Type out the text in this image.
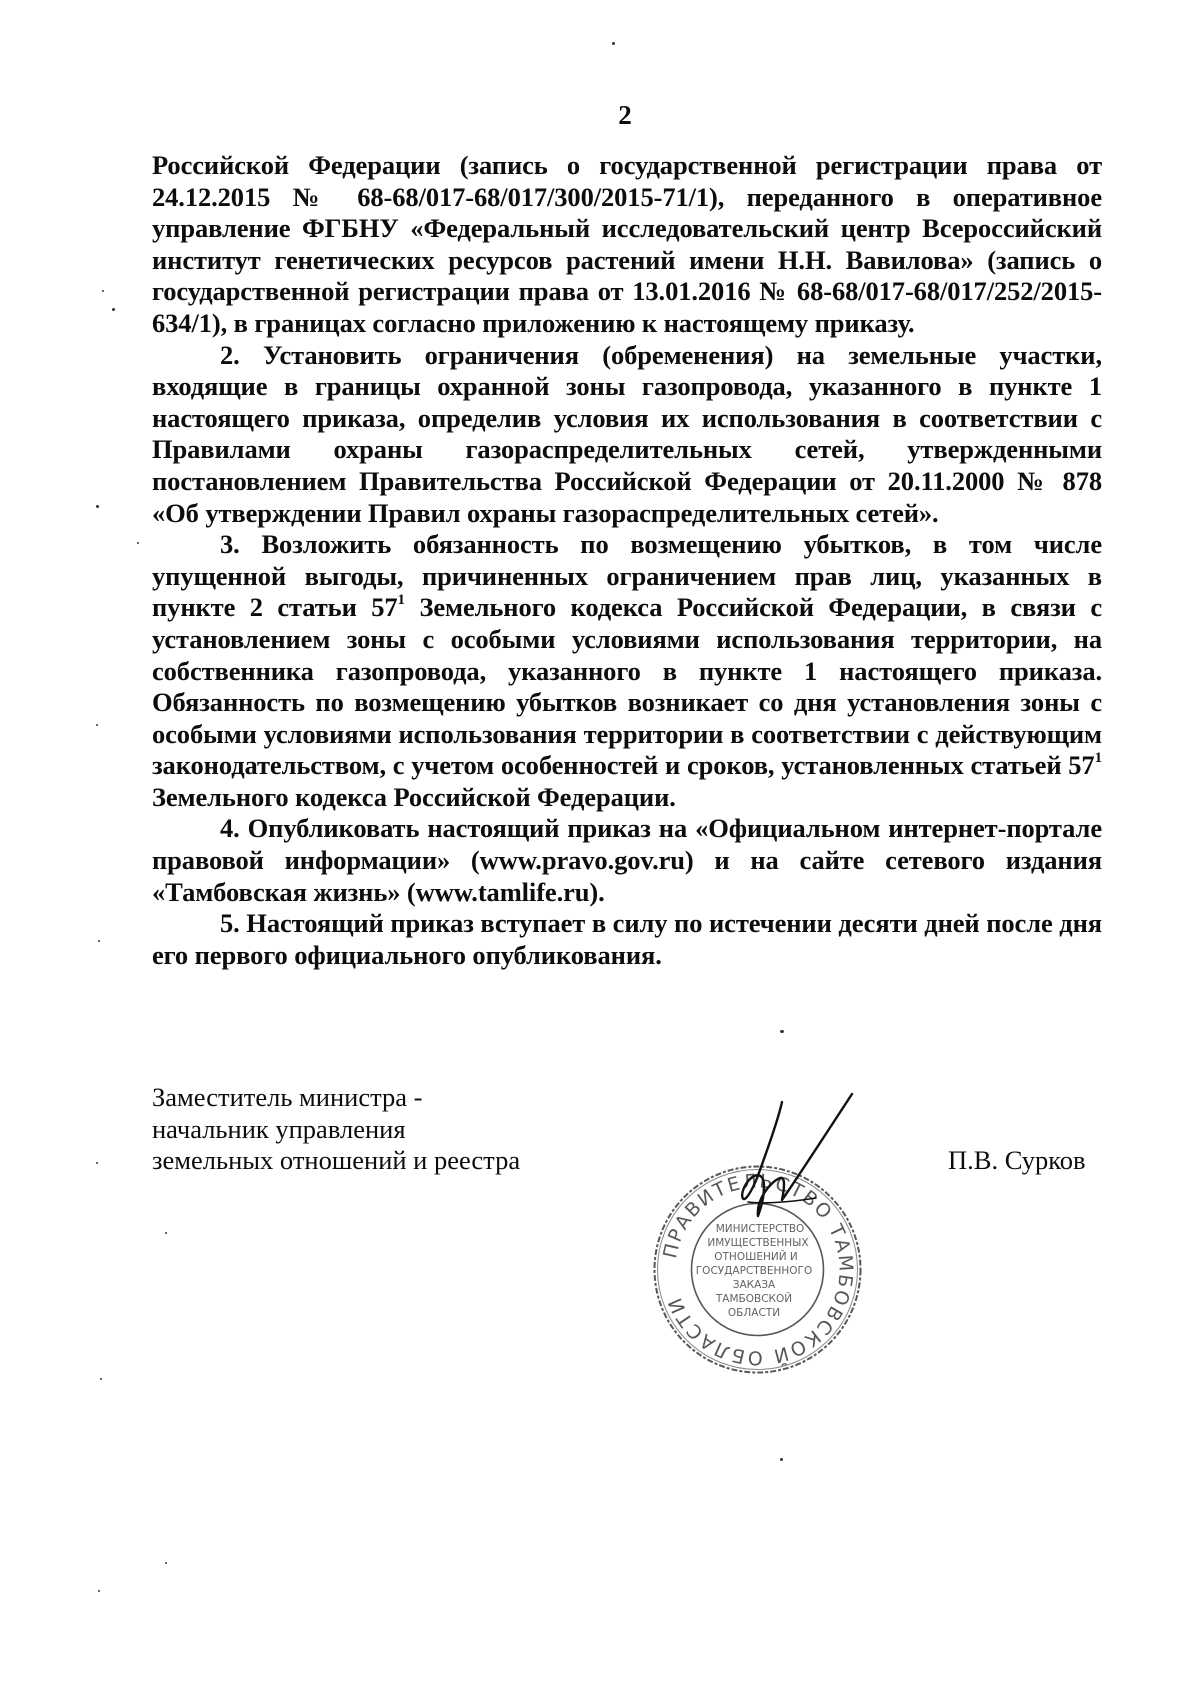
2

Российской Федерации (запись о государственной регистрации права от 24.12.2015 № 68-68/017-68/017/300/2015-71/1), переданного в оперативное управление ФГБНУ «Федеральный исследовательский центр Всероссийский институт генетических ресурсов растений имени Н.Н. Вавилова» (запись о государственной регистрации права от 13.01.2016 № 68-68/017-68/017/252/2015-634/1), в границах согласно приложению к настоящему приказу.

2. Установить ограничения (обременения) на земельные участки, входящие в границы охранной зоны газопровода, указанного в пункте 1 настоящего приказа, определив условия их использования в соответствии с Правилами охраны газораспределительных сетей, утвержденными постановлением Правительства Российской Федерации от 20.11.2000 № 878 «Об утверждении Правил охраны газораспределительных сетей».

3. Возложить обязанность по возмещению убытков, в том числе упущенной выгоды, причиненных ограничением прав лиц, указанных в пункте 2 статьи $57^1$ Земельного кодекса Российской Федерации, в связи с установлением зоны с особыми условиями использования территории, на собственника газопровода, указанного в пункте 1 настоящего приказа. Обязанность по возмещению убытков возникает со дня установления зоны с особыми условиями использования территории в соответствии с действующим законодательством, с учетом особенностей и сроков, установленных статьей $57^1$ Земельного кодекса Российской Федерации.

4. Опубликовать настоящий приказ на «Официальном интернет-портале правовой информации» (www.pravo.gov.ru) и на сайте сетевого издания «Тамбовская жизнь» (www.tamlife.ru).

5. Настоящий приказ вступает в силу по истечении десяти дней после дня его первого официального опубликования.

Заместитель министра -
начальник управления
земельных отношений и реестра	П.В. Сурков
ПРАВИТЕЛЬСТВО ТАМБОВСКОЙ ОБЛАСТИ
МИНИСТЕРСТВО
ИМУЩЕСТВЕННЫХ
ОТНОШЕНИЙ И
ГОСУДАРСТВЕННОГО
ЗАКАЗА
ТАМБОВСКОЙ
ОБЛАСТИ
